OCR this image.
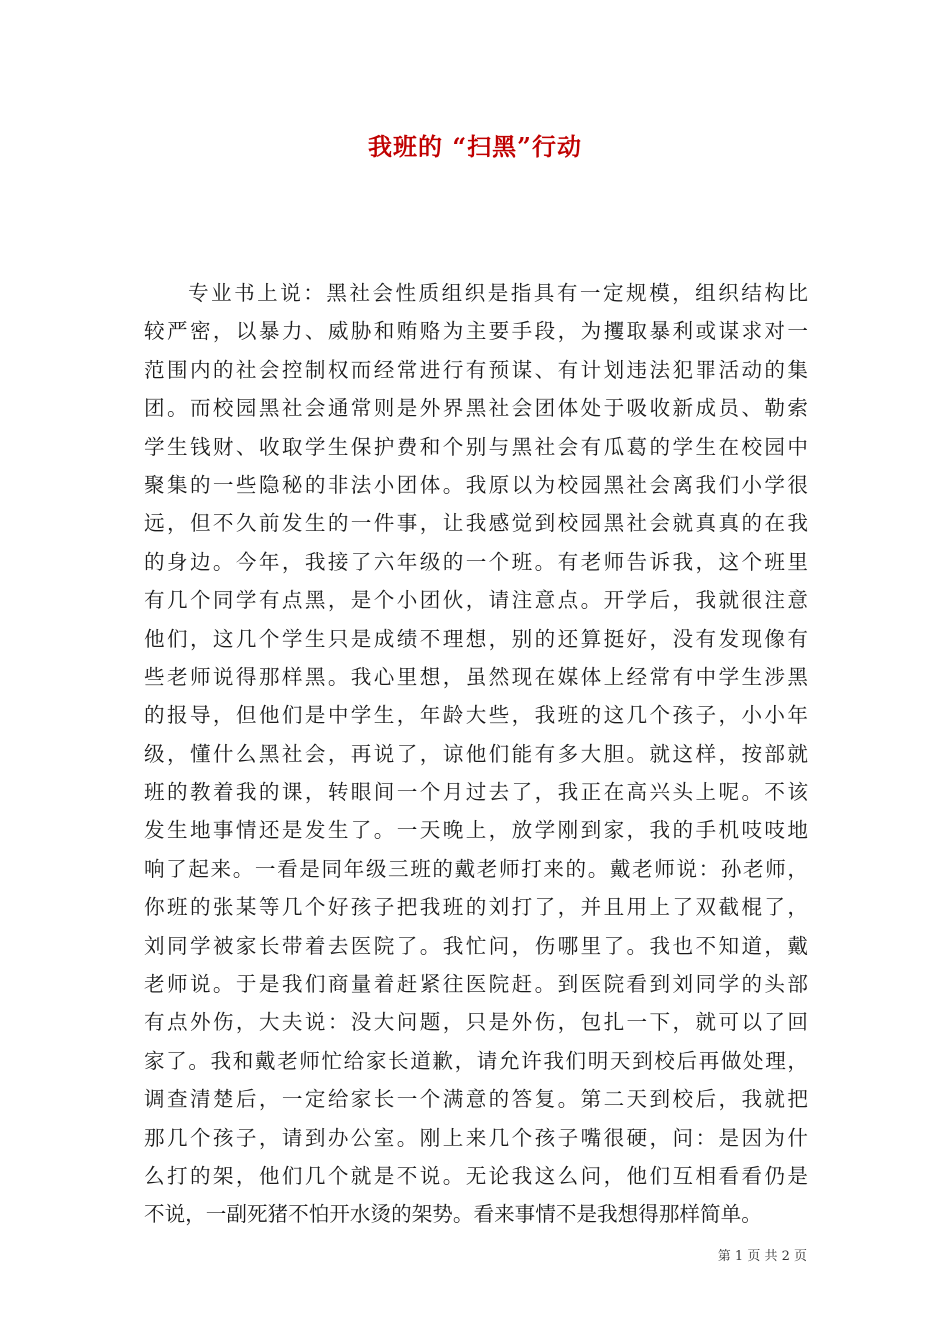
我班的 “扫黑”行动
专业书上说：黑社会性质组织是指具有一定规模，组织结构比
较严密，以暴力、威胁和贿赂为主要手段，为攫取暴利或谋求对一
范围内的社会控制权而经常进行有预谋、有计划违法犯罪活动的集
团。而校园黑社会通常则是外界黑社会团体处于吸收新成员、勒索
学生钱财、收取学生保护费和个别与黑社会有瓜葛的学生在校园中
聚集的一些隐秘的非法小团体。我原以为校园黑社会离我们小学很
远，但不久前发生的一件事，让我感觉到校园黑社会就真真的在我
的身边。今年，我接了六年级的一个班。有老师告诉我，这个班里
有几个同学有点黑，是个小团伙，请注意点。开学后，我就很注意
他们，这几个学生只是成绩不理想，别的还算挺好，没有发现像有
些老师说得那样黑。我心里想，虽然现在媒体上经常有中学生涉黑
的报导，但他们是中学生，年龄大些，我班的这几个孩子，小小年
级，懂什么黑社会，再说了，谅他们能有多大胆。就这样，按部就
班的教着我的课，转眼间一个月过去了，我正在高兴头上呢。不该
发生地事情还是发生了。一天晚上，放学刚到家，我的手机吱吱地
响了起来。一看是同年级三班的戴老师打来的。戴老师说：孙老师，
你班的张某等几个好孩子把我班的刘打了，并且用上了双截棍了，
刘同学被家长带着去医院了。我忙问，伤哪里了。我也不知道，戴
老师说。于是我们商量着赶紧往医院赶。到医院看到刘同学的头部
有点外伤，大夫说：没大问题，只是外伤，包扎一下，就可以了回
家了。我和戴老师忙给家长道歉，请允许我们明天到校后再做处理，
调查清楚后，一定给家长一个满意的答复。第二天到校后，我就把
那几个孩子，请到办公室。刚上来几个孩子嘴很硬，问：是因为什
么打的架，他们几个就是不说。无论我这么问，他们互相看看仍是
不说，一副死猪不怕开水烫的架势。看来事情不是我想得那样简单。
第 1 页 共 2 页
